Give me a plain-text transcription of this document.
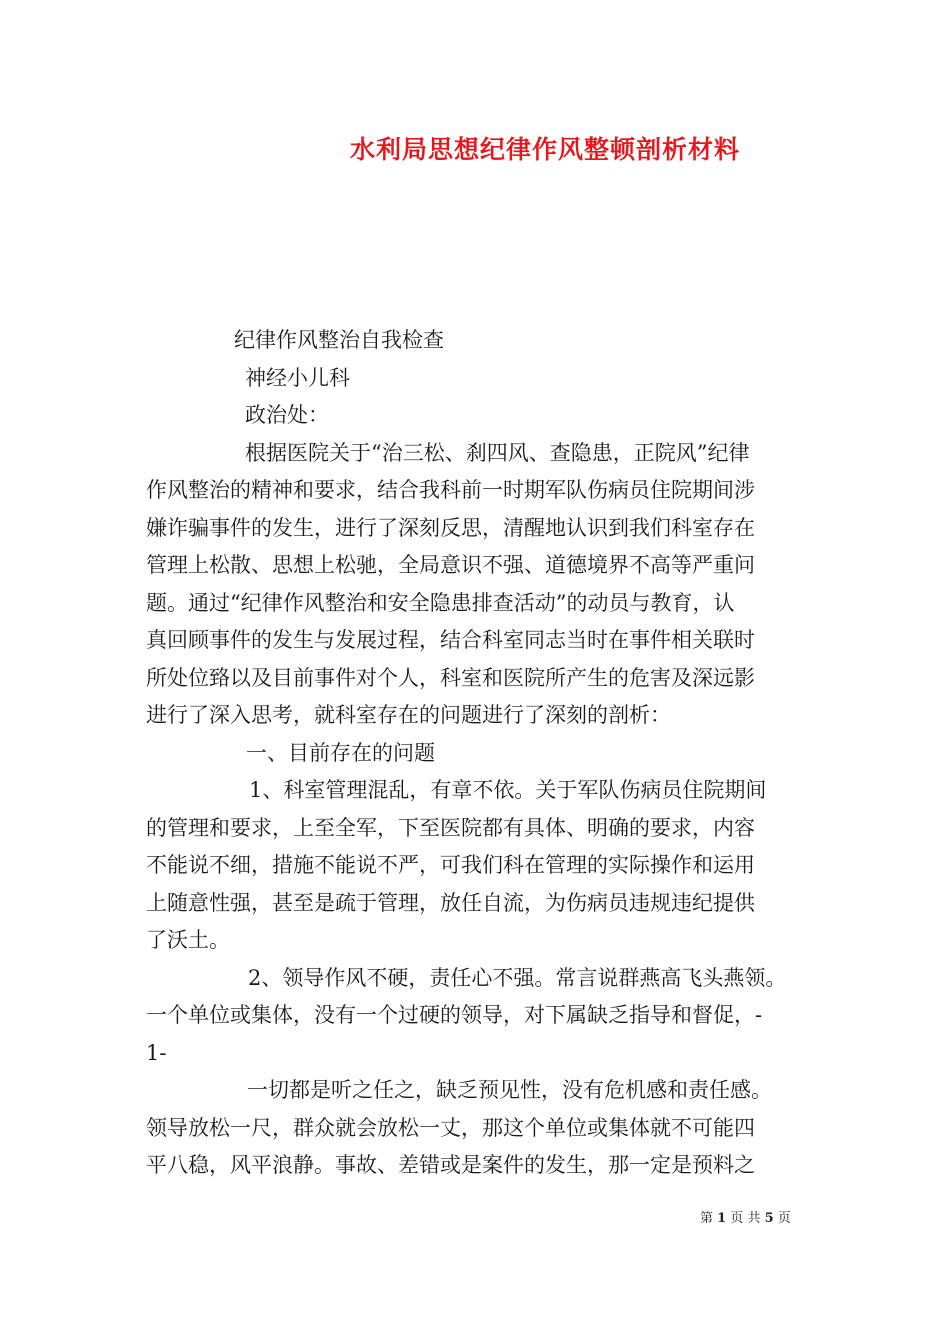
水利局思想纪律作风整顿剖析材料
纪律作风整治自我检查
神经小儿科
政治处：
根据医院关于“治三松、刹四风、查隐患，正院风”纪律
作风整治的精神和要求，结合我科前一时期军队伤病员住院期间涉
嫌诈骗事件的发生，进行了深刻反思，清醒地认识到我们科室存在
管理上松散、思想上松驰，全局意识不强、道德境界不高等严重问
题。通过“纪律作风整治和安全隐患排查活动”的动员与教育，认
真回顾事件的发生与发展过程，结合科室同志当时在事件相关联时
所处位臵以及目前事件对个人，科室和医院所产生的危害及深远影
进行了深入思考，就科室存在的问题进行了深刻的剖析：
一、目前存在的问题
1、科室管理混乱，有章不依。关于军队伤病员住院期间
的管理和要求，上至全军，下至医院都有具体、明确的要求，内容
不能说不细，措施不能说不严，可我们科在管理的实际操作和运用
上随意性强，甚至是疏于管理，放任自流，为伤病员违规违纪提供
了沃土。
2、领导作风不硬，责任心不强。常言说群燕高飞头燕领。
一个单位或集体，没有一个过硬的领导，对下属缺乏指导和督促，-
1-
一切都是听之任之，缺乏预见性，没有危机感和责任感。
领导放松一尺，群众就会放松一丈，那这个单位或集体就不可能四
平八稳，风平浪静。事故、差错或是案件的发生，那一定是预料之
第 1 页 共 5 页
